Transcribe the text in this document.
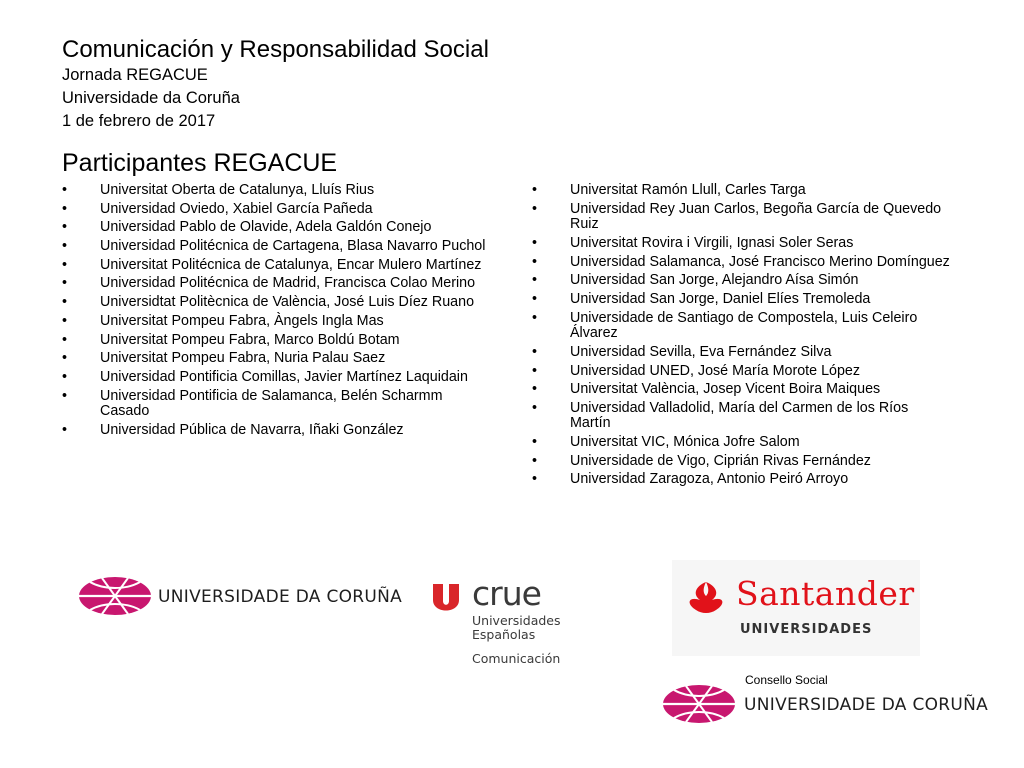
Comunicación y Responsabilidad Social
Jornada REGACUE
Universidade da Coruña
1 de febrero de 2017
Participantes REGACUE
• Universitat Oberta de Catalunya, Lluís Rius
• Universidad Oviedo, Xabiel García Pañeda
• Universidad Pablo de Olavide, Adela Galdón Conejo
• Universidad Politécnica de Cartagena, Blasa Navarro Puchol
• Universitat Politécnica de Catalunya, Encar Mulero Martínez
• Universidad Politécnica de Madrid, Francisca Colao Merino
• Universidtat Politècnica de València, José Luis Díez Ruano
• Universitat Pompeu Fabra, Àngels Ingla Mas
• Universitat Pompeu Fabra, Marco Boldú Botam
• Universitat Pompeu Fabra, Nuria Palau Saez
• Universidad Pontificia Comillas, Javier Martínez Laquidain
• Universidad Pontificia de Salamanca, Belén Scharmm Casado
• Universidad Pública de Navarra, Iñaki González
• Universitat Ramón Llull, Carles Targa
• Universidad Rey Juan Carlos, Begoña García de Quevedo Ruiz
• Universitat Rovira i Virgili, Ignasi Soler Seras
• Universidad Salamanca, José Francisco Merino Domínguez
• Universidad San Jorge, Alejandro Aísa Simón
• Universidad San Jorge, Daniel Elíes Tremoleda
• Universidade de Santiago de Compostela, Luis Celeiro Álvarez
• Universidad Sevilla, Eva Fernández Silva
• Universidad UNED, José María Morote López
• Universitat València, Josep Vicent Boira Maiques
• Universidad Valladolid, María del Carmen de los Ríos Martín
• Universitat VIC, Mónica Jofre Salom
• Universidade de Vigo, Ciprián Rivas Fernández
• Universidad Zaragoza, Antonio Peiró Arroyo
UNIVERSIDADE DA CORUÑA crue
Universidades
Españolas
Comunicación
Santander
UNIVERSIDADES
Consello Social
UNIVERSIDADE DA CORUÑA
